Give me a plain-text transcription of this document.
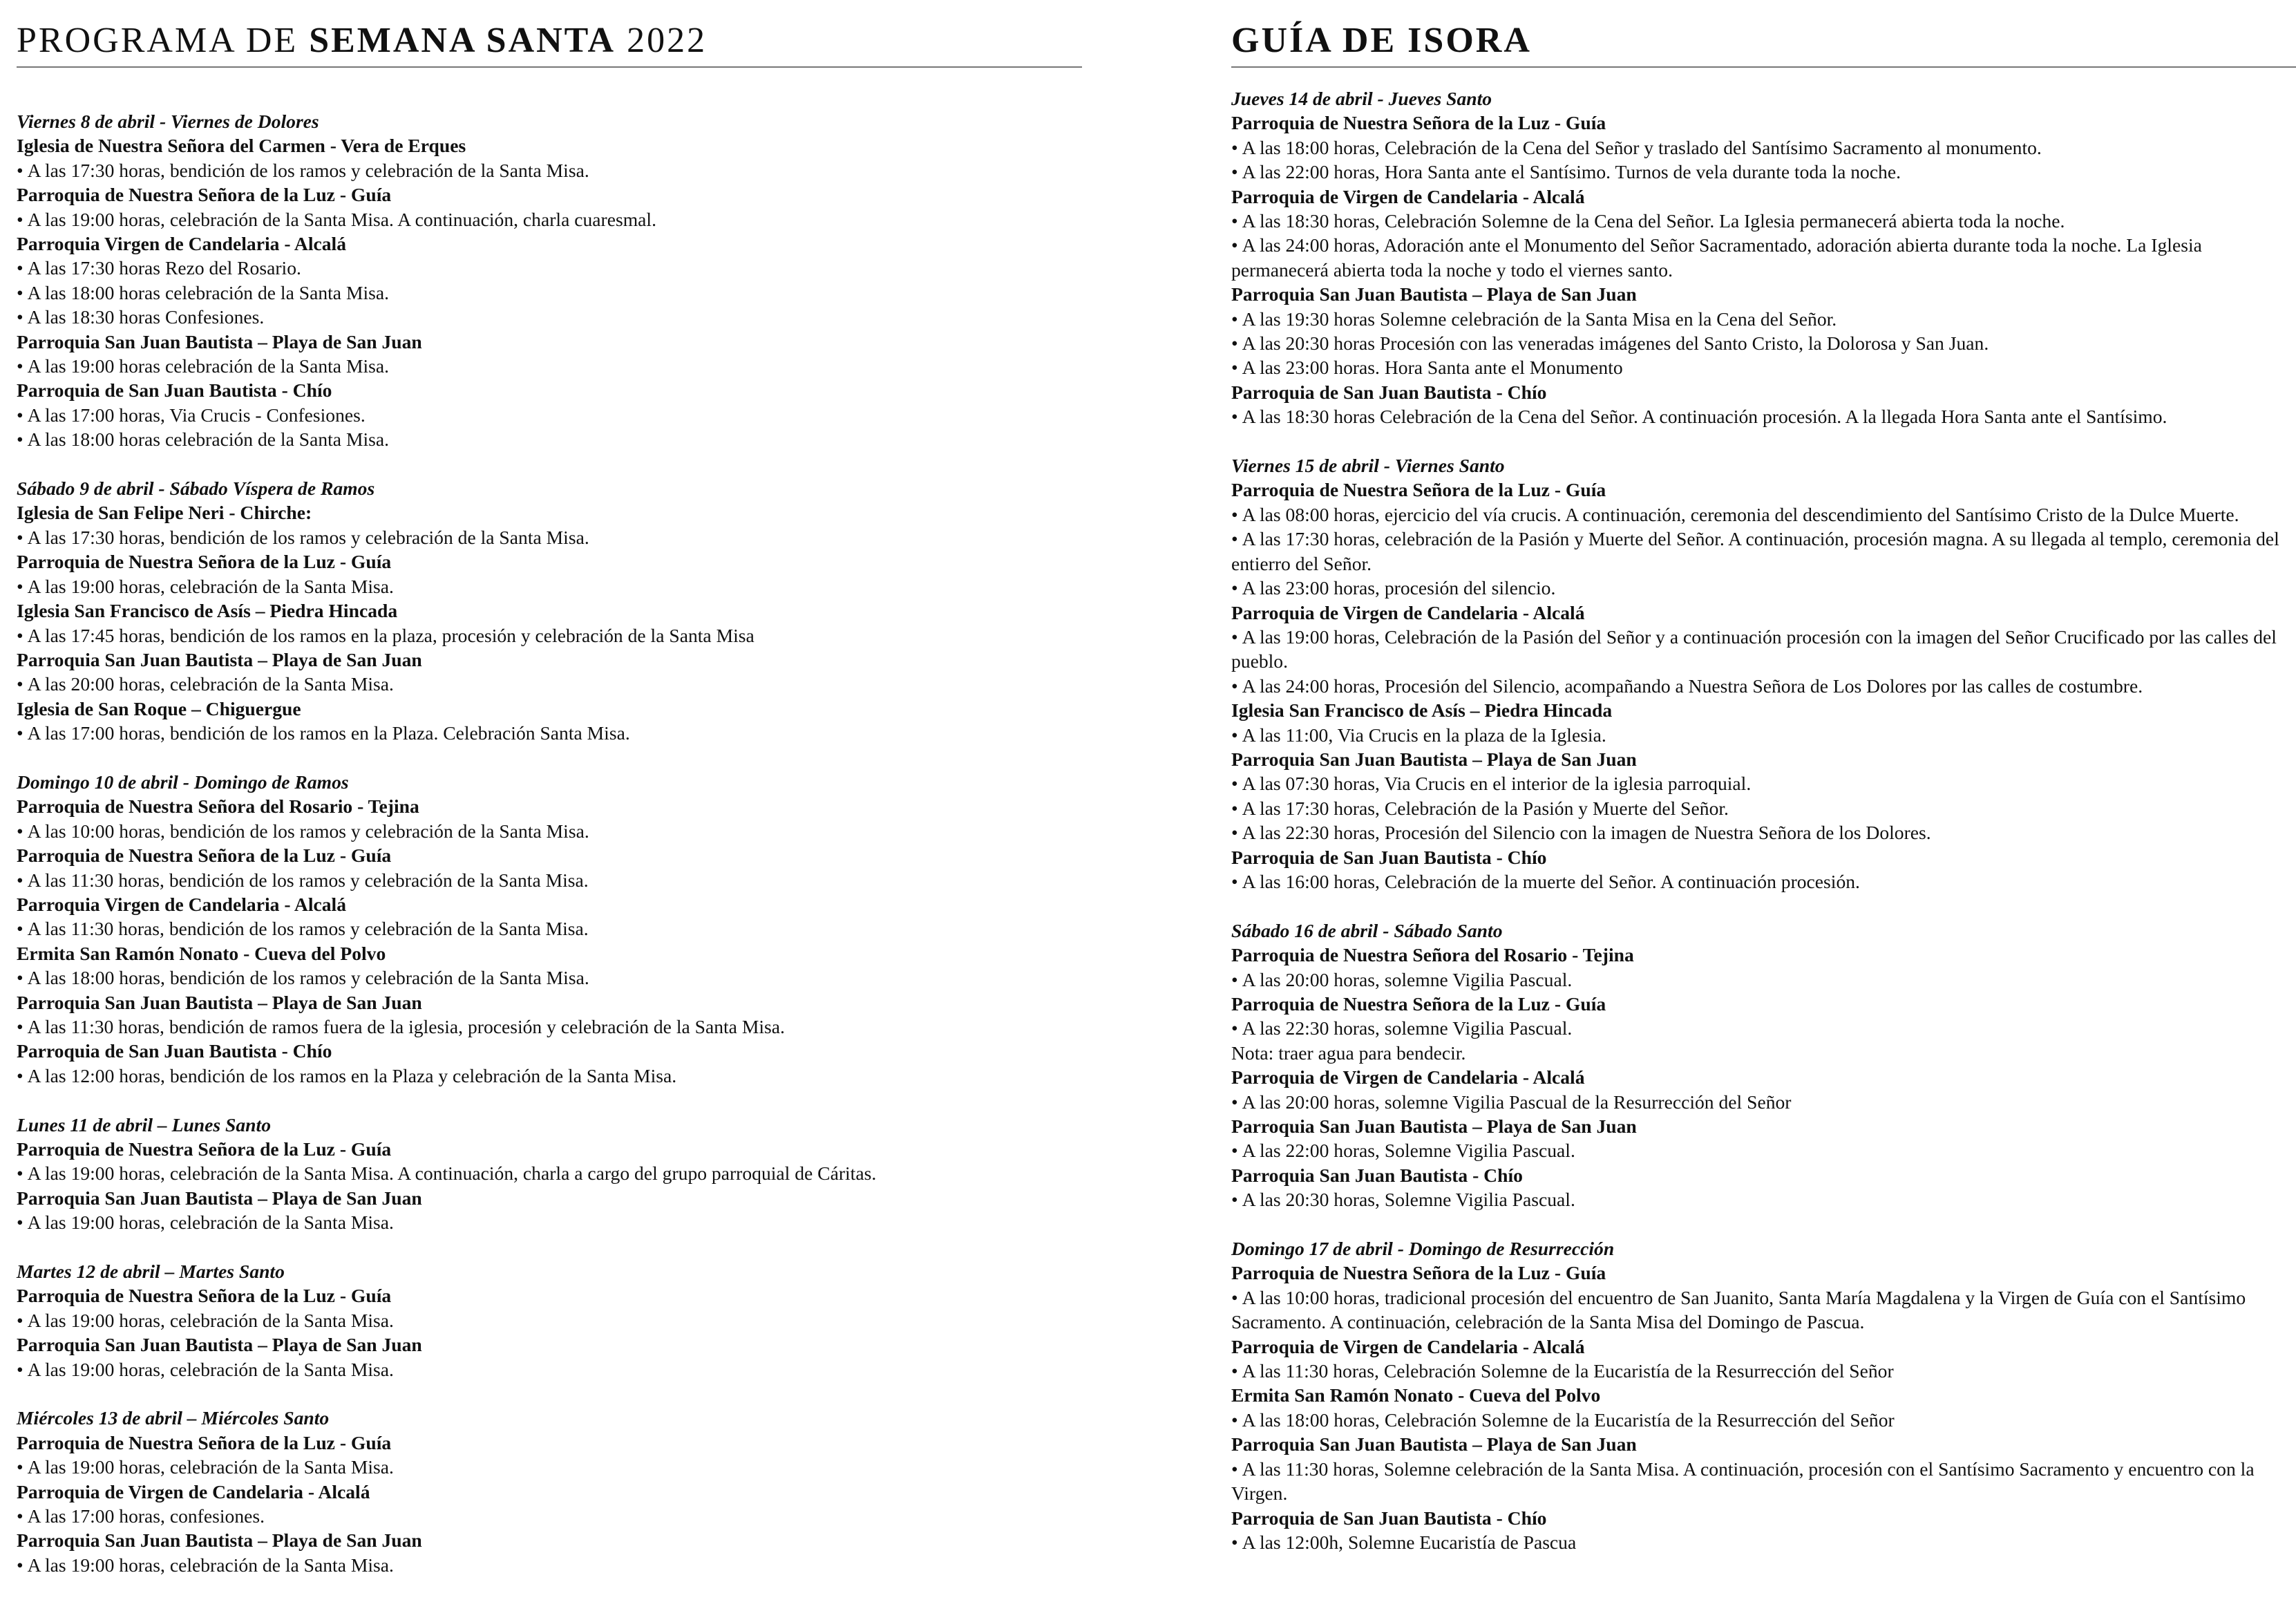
PROGRAMA DE SEMANA SANTA 2022
Viernes 8 de abril - Viernes de Dolores
Iglesia de Nuestra Señora del Carmen - Vera de Erques
• A las 17:30 horas, bendición de los ramos y celebración de la Santa Misa.
Parroquia de Nuestra Señora de la Luz - Guía
• A las 19:00 horas, celebración de la Santa Misa. A continuación, charla cuaresmal.
Parroquia Virgen de Candelaria - Alcalá
• A las 17:30 horas Rezo del Rosario.
• A las 18:00 horas celebración de la Santa Misa.
• A las 18:30 horas Confesiones.
Parroquia San Juan Bautista – Playa de San Juan
• A las 19:00 horas celebración de la Santa Misa.
Parroquia de San Juan Bautista - Chío
• A las 17:00 horas, Via Crucis - Confesiones.
• A las 18:00 horas celebración de la Santa Misa.
Sábado 9 de abril - Sábado Víspera de Ramos
Iglesia de San Felipe Neri - Chirche:
• A las 17:30 horas, bendición de los ramos y celebración de la Santa Misa.
Parroquia de Nuestra Señora de la Luz - Guía
• A las 19:00 horas, celebración de la Santa Misa.
Iglesia San Francisco de Asís – Piedra Hincada
• A las 17:45 horas, bendición de los ramos en la plaza, procesión y celebración de la Santa Misa
Parroquia San Juan Bautista – Playa de San Juan
• A las 20:00 horas, celebración de la Santa Misa.
Iglesia de San Roque – Chiguergue
• A las 17:00 horas, bendición de los ramos en la Plaza. Celebración Santa Misa.
Domingo 10 de abril - Domingo de Ramos
Parroquia de Nuestra Señora del Rosario - Tejina
• A las 10:00 horas, bendición de los ramos y celebración de la Santa Misa.
Parroquia de Nuestra Señora de la Luz - Guía
• A las 11:30 horas, bendición de los ramos y celebración de la Santa Misa.
Parroquia Virgen de Candelaria - Alcalá
• A las 11:30 horas, bendición de los ramos y celebración de la Santa Misa.
Ermita San Ramón Nonato - Cueva del Polvo
• A las 18:00 horas, bendición de los ramos y celebración de la Santa Misa.
Parroquia San Juan Bautista – Playa de San Juan
• A las 11:30 horas, bendición de ramos fuera de la iglesia, procesión y celebración de la Santa Misa.
Parroquia de San Juan Bautista - Chío
• A las 12:00 horas, bendición de los ramos en la Plaza y celebración de la Santa Misa.
Lunes 11 de abril – Lunes Santo
Parroquia de Nuestra Señora de la Luz - Guía
• A las 19:00 horas, celebración de la Santa Misa. A continuación, charla a cargo del grupo parroquial de Cáritas.
Parroquia San Juan Bautista – Playa de San Juan
• A las 19:00 horas, celebración de la Santa Misa.
Martes 12 de abril – Martes Santo
Parroquia de Nuestra Señora de la Luz - Guía
• A las 19:00 horas, celebración de la Santa Misa.
Parroquia San Juan Bautista – Playa de San Juan
• A las 19:00 horas, celebración de la Santa Misa.
Miércoles 13 de abril – Miércoles Santo
Parroquia de Nuestra Señora de la Luz - Guía
• A las 19:00 horas, celebración de la Santa Misa.
Parroquia de Virgen de Candelaria - Alcalá
• A las 17:00 horas, confesiones.
Parroquia San Juan Bautista – Playa de San Juan
• A las 19:00 horas, celebración de la Santa Misa.
GUÍA DE ISORA
Jueves 14 de abril - Jueves Santo
Parroquia de Nuestra Señora de la Luz - Guía
• A las 18:00 horas, Celebración de la Cena del Señor y traslado del Santísimo Sacramento al monumento.
• A las 22:00 horas, Hora Santa ante el Santísimo. Turnos de vela durante toda la noche.
Parroquia de Virgen de Candelaria - Alcalá
• A las 18:30 horas, Celebración Solemne de la Cena del Señor. La Iglesia permanecerá abierta toda la noche.
• A las 24:00 horas, Adoración ante el Monumento del Señor Sacramentado, adoración abierta durante toda la noche. La Iglesia permanecerá abierta toda la noche y todo el viernes santo.
Parroquia San Juan Bautista – Playa de San Juan
• A las 19:30 horas Solemne celebración de la Santa Misa en la Cena del Señor.
• A las 20:30 horas Procesión con las veneradas imágenes del Santo Cristo, la Dolorosa y San Juan.
• A las 23:00 horas. Hora Santa ante el Monumento
Parroquia de San Juan Bautista - Chío
• A las 18:30 horas Celebración de la Cena del Señor. A continuación procesión. A la llegada Hora Santa ante el Santísimo.
Viernes 15 de abril - Viernes Santo
Parroquia de Nuestra Señora de la Luz - Guía
• A las 08:00 horas, ejercicio del vía crucis. A continuación, ceremonia del descendimiento del Santísimo Cristo de la Dulce Muerte.
• A las 17:30 horas, celebración de la Pasión y Muerte del Señor. A continuación, procesión magna. A su llegada al templo, ceremonia del entierro del Señor.
• A las 23:00 horas, procesión del silencio.
Parroquia de Virgen de Candelaria - Alcalá
• A las 19:00 horas, Celebración de la Pasión del Señor y a continuación procesión con la imagen del Señor Crucificado por las calles del pueblo.
• A las 24:00 horas, Procesión del Silencio, acompañando a Nuestra Señora de Los Dolores por las calles de costumbre.
Iglesia San Francisco de Asís – Piedra Hincada
• A las 11:00, Via Crucis en la plaza de la Iglesia.
Parroquia San Juan Bautista – Playa de San Juan
• A las 07:30 horas, Via Crucis en el interior de la iglesia parroquial.
• A las 17:30 horas, Celebración de la Pasión y Muerte del Señor.
• A las 22:30 horas, Procesión del Silencio con la imagen de Nuestra Señora de los Dolores.
Parroquia de San Juan Bautista - Chío
• A las 16:00 horas, Celebración de la muerte del Señor. A continuación procesión.
Sábado 16 de abril - Sábado Santo
Parroquia de Nuestra Señora del Rosario - Tejina
• A las 20:00 horas, solemne Vigilia Pascual.
Parroquia de Nuestra Señora de la Luz - Guía
• A las 22:30 horas, solemne Vigilia Pascual.
Nota: traer agua para bendecir.
Parroquia de Virgen de Candelaria - Alcalá
• A las 20:00 horas, solemne Vigilia Pascual de la Resurrección del Señor
Parroquia San Juan Bautista – Playa de San Juan
• A las 22:00 horas, Solemne Vigilia Pascual.
Parroquia San Juan Bautista - Chío
• A las 20:30 horas, Solemne Vigilia Pascual.
Domingo 17 de abril - Domingo de Resurrección
Parroquia de Nuestra Señora de la Luz - Guía
• A las 10:00 horas, tradicional procesión del encuentro de San Juanito, Santa María Magdalena y la Virgen de Guía con el Santísimo Sacramento. A continuación, celebración de la Santa Misa del Domingo de Pascua.
Parroquia de Virgen de Candelaria - Alcalá
• A las 11:30 horas, Celebración Solemne de la Eucaristía de la Resurrección del Señor
Ermita San Ramón Nonato - Cueva del Polvo
• A las 18:00 horas, Celebración Solemne de la Eucaristía de la Resurrección del Señor
Parroquia San Juan Bautista – Playa de San Juan
• A las 11:30 horas, Solemne celebración de la Santa Misa. A continuación, procesión con el Santísimo Sacramento y encuentro con la Virgen.
Parroquia de San Juan Bautista - Chío
• A las 12:00h, Solemne Eucaristía de Pascua
